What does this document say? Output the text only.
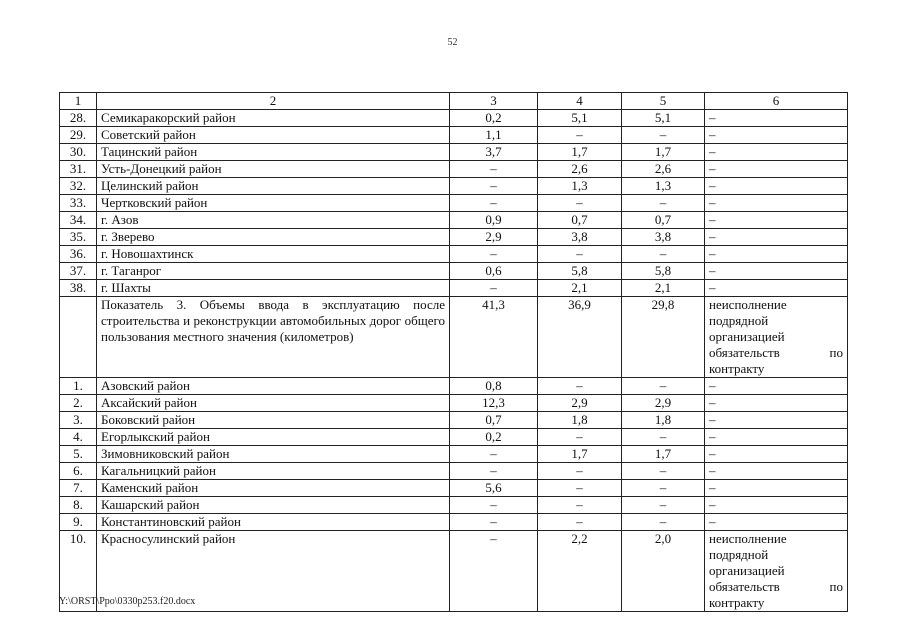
52
1	2	3	4	5	6
28.	Семикаракорский район	0,2	5,1	5,1	–
29.	Советский район	1,1	–	–	–
30.	Тацинский район	3,7	1,7	1,7	–
31.	Усть-Донецкий район	–	2,6	2,6	–
32.	Целинский район	–	1,3	1,3	–
33.	Чертковский район	–	–	–	–
34.	г. Азов	0,9	0,7	0,7	–
35.	г. Зверево	2,9	3,8	3,8	–
36.	г. Новошахтинск	–	–	–	–
37.	г. Таганрог	0,6	5,8	5,8	–
38.	г. Шахты	–	2,1	2,1	–
	Показатель 3. Объемы ввода в эксплуатацию после строительства и реконструкции автомобильных дорог общего пользования местного значения (километров)	41,3	36,9	29,8	неисполнение подрядной организацией обязательств по контракту
1.	Азовский район	0,8	–	–	–
2.	Аксайский район	12,3	2,9	2,9	–
3.	Боковский район	0,7	1,8	1,8	–
4.	Егорлыкский район	0,2	–	–	–
5.	Зимовниковский район	–	1,7	1,7	–
6.	Кагальницкий район	–	–	–	–
7.	Каменский район	5,6	–	–	–
8.	Кашарский район	–	–	–	–
9.	Константиновский район	–	–	–	–
10.	Красносулинский район	–	2,2	2,0	неисполнение подрядной организацией обязательств по контракту
Y:\ORST\Ppo\0330p253.f20.docx
